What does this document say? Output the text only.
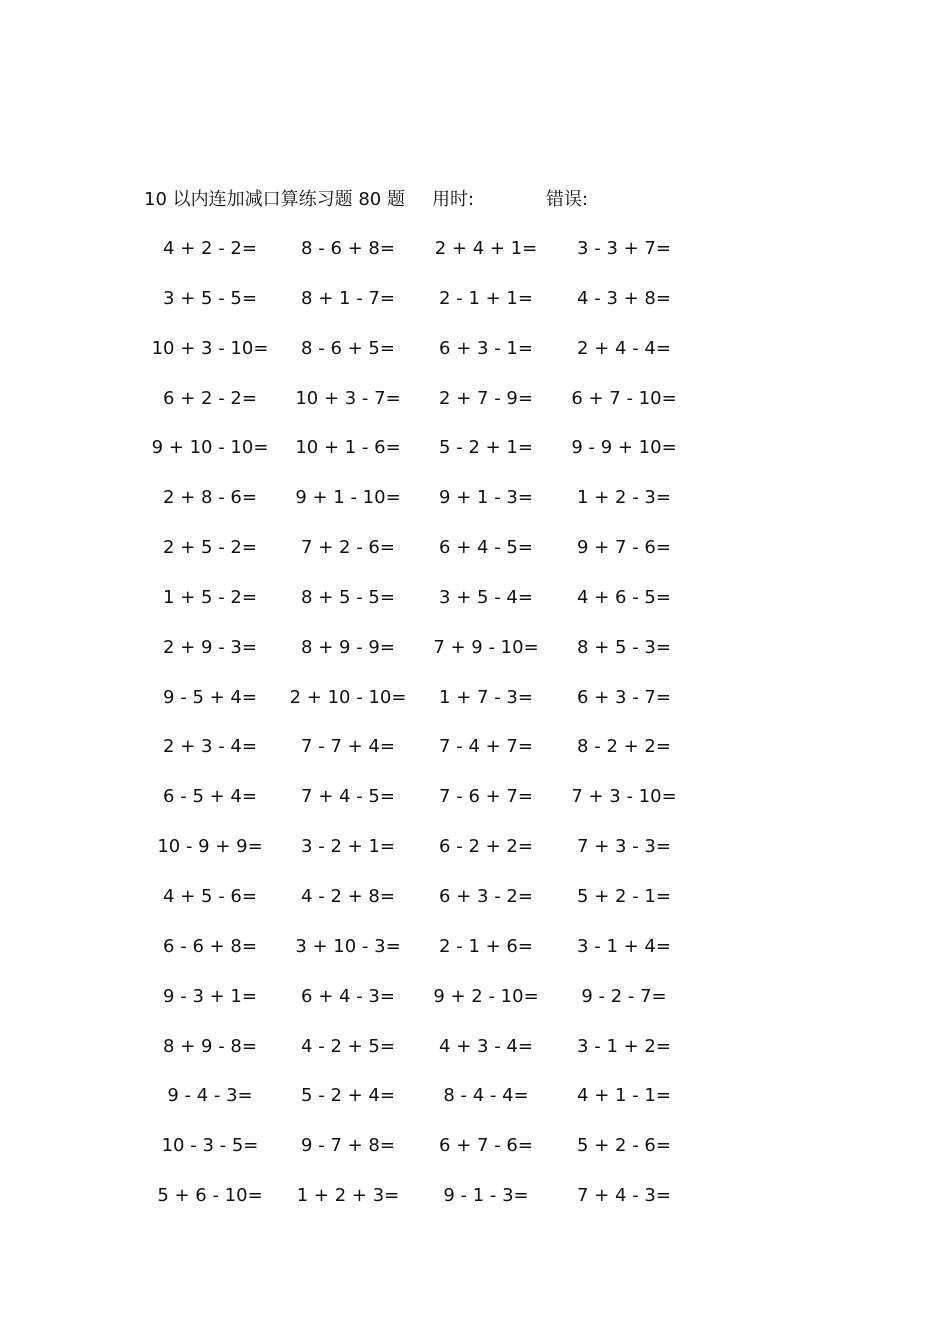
10 以内连加减口算练习题 80 题 用时:	错误:
4 + 2 - 2=	8 - 6 + 8=	2 + 4 + 1=	3 - 3 + 7=
3 + 5 - 5=	8 + 1 - 7=	2 - 1 + 1=	4 - 3 + 8=
10 + 3 - 10=	8 - 6 + 5=	6 + 3 - 1=	2 + 4 - 4=
6 + 2 - 2=	10 + 3 - 7=	2 + 7 - 9=	6 + 7 - 10=
9 + 10 - 10=	10 + 1 - 6=	5 - 2 + 1=	9 - 9 + 10=
2 + 8 - 6=	9 + 1 - 10=	9 + 1 - 3=	1 + 2 - 3=
2 + 5 - 2=	7 + 2 - 6=	6 + 4 - 5=	9 + 7 - 6=
1 + 5 - 2=	8 + 5 - 5=	3 + 5 - 4=	4 + 6 - 5=
2 + 9 - 3=	8 + 9 - 9=	7 + 9 - 10=	8 + 5 - 3=
9 - 5 + 4=	2 + 10 - 10=	1 + 7 - 3=	6 + 3 - 7=
2 + 3 - 4=	7 - 7 + 4=	7 - 4 + 7=	8 - 2 + 2=
6 - 5 + 4=	7 + 4 - 5=	7 - 6 + 7=	7 + 3 - 10=
10 - 9 + 9=	3 - 2 + 1=	6 - 2 + 2=	7 + 3 - 3=
4 + 5 - 6=	4 - 2 + 8=	6 + 3 - 2=	5 + 2 - 1=
6 - 6 + 8=	3 + 10 - 3=	2 - 1 + 6=	3 - 1 + 4=
9 - 3 + 1=	6 + 4 - 3=	9 + 2 - 10=	9 - 2 - 7=
8 + 9 - 8=	4 - 2 + 5=	4 + 3 - 4=	3 - 1 + 2=
9 - 4 - 3=	5 - 2 + 4=	8 - 4 - 4=	4 + 1 - 1=
10 - 3 - 5=	9 - 7 + 8=	6 + 7 - 6=	5 + 2 - 6=
5 + 6 - 10=	1 + 2 + 3=	9 - 1 - 3=	7 + 4 - 3=
